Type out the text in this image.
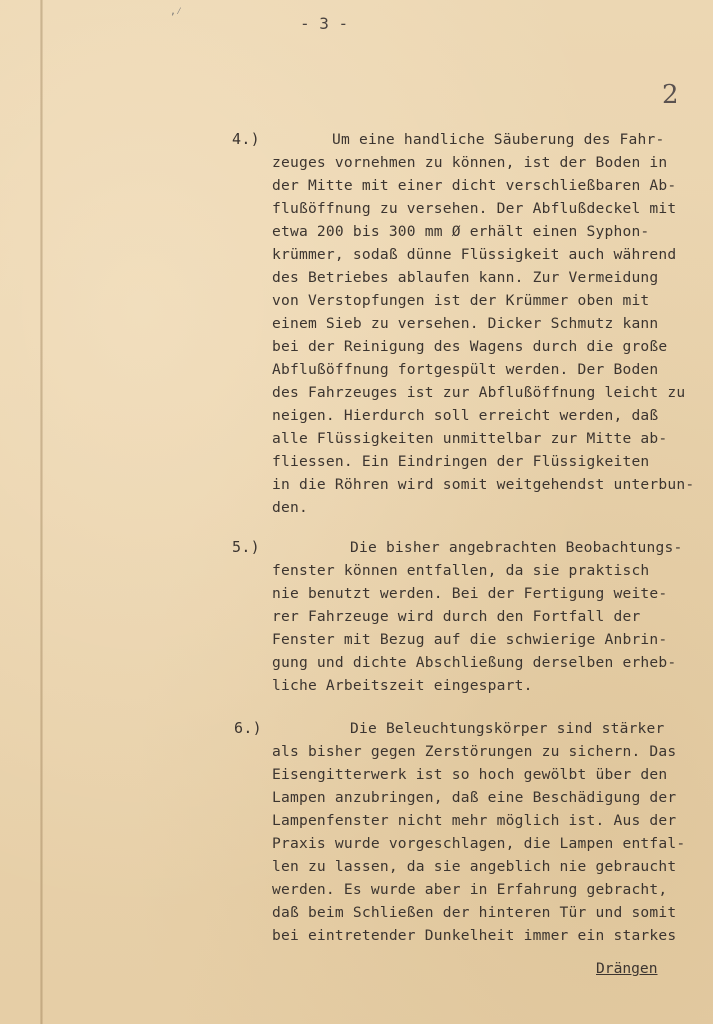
,⁄
- 3 -
2
4.)	Um eine handliche Säuberung des Fahr-
zeuges vornehmen zu können, ist der Boden in
der Mitte mit einer dicht verschließbaren Ab-
flußöffnung zu versehen. Der Abflußdeckel mit
etwa 200 bis 300 mm Ø erhält einen Syphon-
krümmer, sodaß dünne Flüssigkeit auch während
des Betriebes ablaufen kann. Zur Vermeidung
von Verstopfungen ist der Krümmer oben mit
einem Sieb zu versehen. Dicker Schmutz kann
bei der Reinigung des Wagens durch die große
Abflußöffnung fortgespült werden. Der Boden
des Fahrzeuges ist zur Abflußöffnung leicht zu
neigen. Hierdurch soll erreicht werden, daß
alle Flüssigkeiten unmittelbar zur Mitte ab-
fliessen. Ein Eindringen der Flüssigkeiten
in die Röhren wird somit weitgehendst unterbun-
den.
5.)	Die bisher angebrachten Beobachtungs-
fenster können entfallen, da sie praktisch
nie benutzt werden. Bei der Fertigung weite-
rer Fahrzeuge wird durch den Fortfall der
Fenster mit Bezug auf die schwierige Anbrin-
gung und dichte Abschließung derselben erheb-
liche Arbeitszeit eingespart.
6.)	Die Beleuchtungskörper sind stärker
als bisher gegen Zerstörungen zu sichern. Das
Eisengitterwerk ist so hoch gewölbt über den
Lampen anzubringen, daß eine Beschädigung der
Lampenfenster nicht mehr möglich ist. Aus der
Praxis wurde vorgeschlagen, die Lampen entfal-
len zu lassen, da sie angeblich nie gebraucht
werden. Es wurde aber in Erfahrung gebracht,
daß beim Schließen der hinteren Tür und somit
bei eintretender Dunkelheit immer ein starkes
Drängen
